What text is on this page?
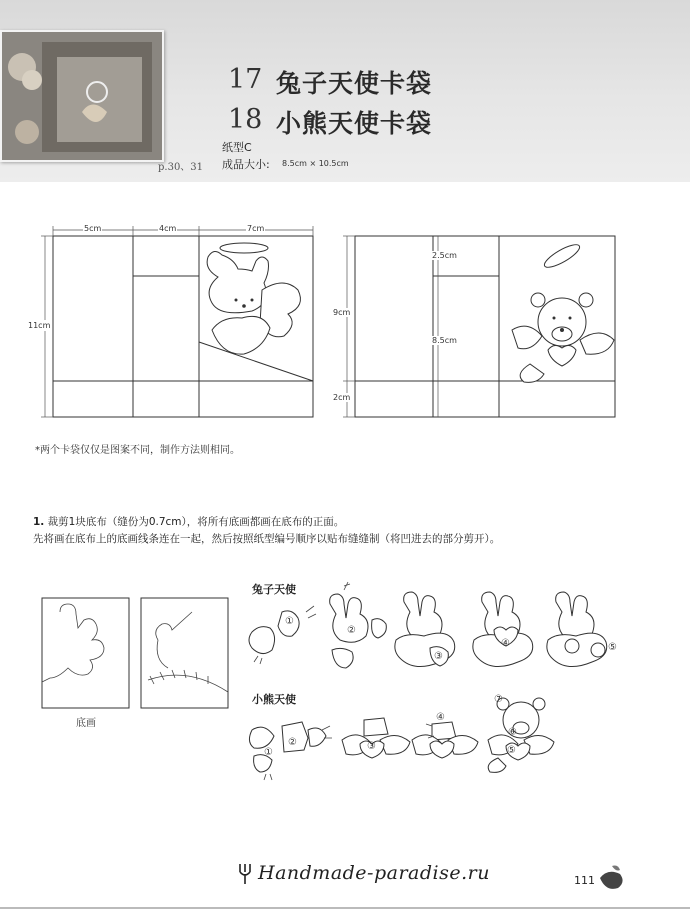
17 兔子天使卡袋
18 小熊天使卡袋
p.30、31
纸型C
成品大小: 8.5cm × 10.5cm
5cm	4cm	7cm
11cm
2.5cm
8.5cm
9cm
2cm
*两个卡袋仅仅是图案不同，制作方法则相同。
1. 裁剪1块底布（缝份为0.7cm），将所有底画都画在底布的正面。
先将画在底布上的底画线条连在一起，然后按照纸型编号顺序以贴布缝缝制（将凹进去的部分剪开）。
底画
兔子天使
①
②
③
④	⑤
小熊天使
①
②	③
④
⑤
⑥
⑦
Handmade-paradise.ru	111
